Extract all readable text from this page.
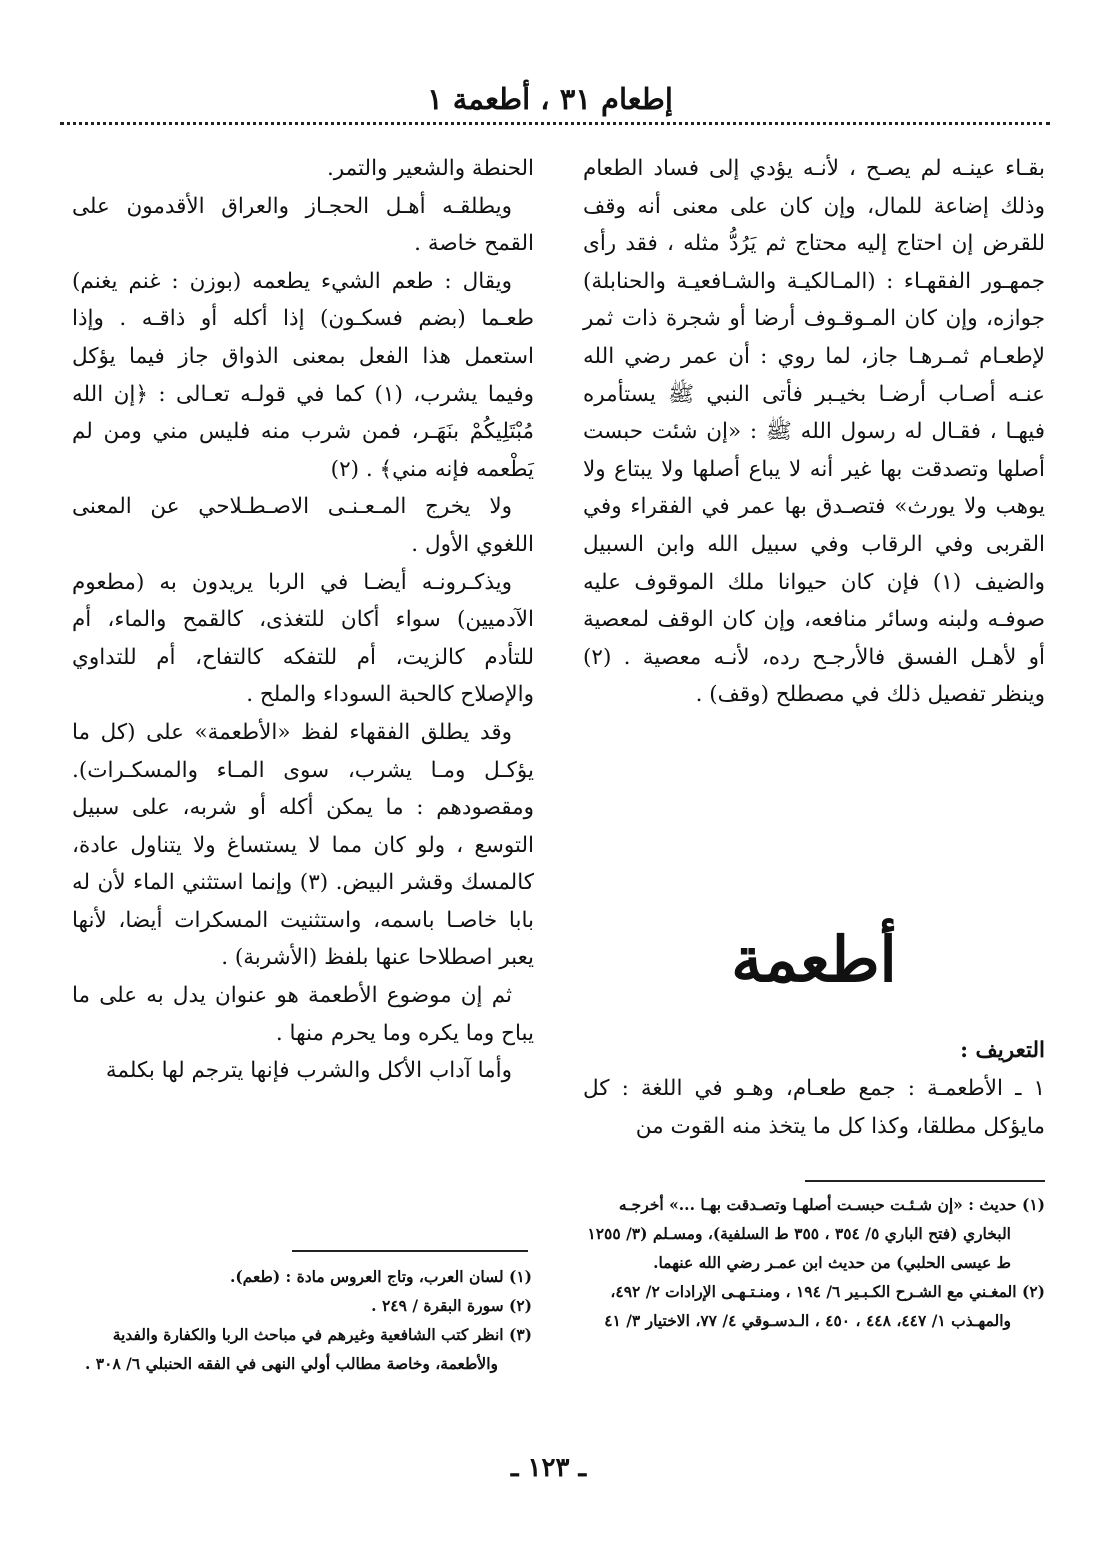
إطعام ٣١ ، أطعمة ١

بقـاء عينـه لم يصـح ، لأنـه يؤدي إلى فساد الطعام وذلك إضاعة للمال، وإن كان على معنى أنه وقف للقرض إن احتاج إليه محتاج ثم يَرُدُّ مثله ، فقد رأى جمهـور الفقهـاء : (المـالكيـة والشـافعيـة والحنابلة) جوازه، وإن كان المـوقـوف أرضا أو شجرة ذات ثمر لإطعـام ثمـرهـا جاز، لما روي : أن عمر رضي الله عنـه أصـاب أرضـا بخيـبر فأتى النبي ﷺ يستأمره فيهـا ، فقـال له رسول الله ﷺ : «إن شئت حبست أصلها وتصدقت بها غير أنه لا يباع أصلها ولا يبتاع ولا يوهب ولا يورث» فتصـدق بها عمر في الفقراء وفي القربى وفي الرقاب وفي سبيل الله وابن السبيل والضيف (١) فإن كان حيوانا ملك الموقوف عليه صوفـه ولبنه وسائر منافعه، وإن كان الوقف لمعصية أو لأهـل الفسق فالأرجـح رده، لأنـه معصية . (٢) وينظر تفصيل ذلك في مصطلح (وقف) .

أطعمة

التعريف :

١ ـ الأطعمـة : جمع طعـام، وهـو في اللغة : كل مايؤكل مطلقا، وكذا كل ما يتخذ منه القوت من

(١) حديث : «إن شـئـت حبسـت أصلهـا وتصـدقت بهـا ...» أخرجـه البخاري (فتح الباري ٥/ ٣٥٤ ، ٣٥٥ ط السلفية)، ومسـلم (٣/ ١٢٥٥ ط عيسى الحلبي) من حديث ابن عمـر رضي الله عنهما.

(٢) المغـني مع الشـرح الكـبـير ٦/ ١٩٤ ، ومنـتـهـى الإرادات ٢/ ٤٩٢، والمهـذب ١/ ٤٤٧، ٤٤٨ ، ٤٥٠ ، الـدسـوقي ٤/ ٧٧، الاختيار ٣/ ٤١

الحنطة والشعير والتمر.

ويطلقـه أهـل الحجـاز والعراق الأقدمون على القمح خاصة .

ويقال : طعم الشيء يطعمه (بوزن : غنم يغنم) طعـما (بضم فسكـون) إذا أكله أو ذاقـه . وإذا استعمل هذا الفعل بمعنى الذواق جاز فيما يؤكل وفيما يشرب، (١) كما في قولـه تعـالى : ﴿إن الله مُبْتَلِيكُمْ بنَهَـر، فمن شرب منه فليس مني ومن لم يَطْعمه فإنه مني﴾ . (٢)

ولا يخرج المـعـنـى الاصـطـلاحي عن المعنى اللغوي الأول .

ويذكـرونـه أيضـا في الربا يريدون به (مطعوم الآدميين) سواء أكان للتغذى، كالقمح والماء، أم للتأدم كالزيت، أم للتفكه كالتفاح، أم للتداوي والإصلاح كالحبة السوداء والملح .

وقد يطلق الفقهاء لفظ «الأطعمة» على (كل ما يؤكـل ومـا يشرب، سوى المـاء والمسكـرات). ومقصودهم : ما يمكن أكله أو شربه، على سبيل التوسع ، ولو كان مما لا يستساغ ولا يتناول عادة، كالمسك وقشر البيض. (٣) وإنما استثني الماء لأن له بابا خاصـا باسمه، واستثنيت المسكرات أيضا، لأنها يعبر اصطلاحا عنها بلفظ (الأشربة) .

ثم إن موضوع الأطعمة هو عنوان يدل به على ما يباح وما يكره وما يحرم منها .

وأما آداب الأكل والشرب فإنها يترجم لها بكلمة

(١) لسان العرب، وتاج العروس مادة : (طعم).

(٢) سورة البقرة / ٢٤٩ .

(٣) انظر كتب الشافعية وغيرهم في مباحث الربا والكفارة والفدية والأطعمة، وخاصة مطالب أولي النهى في الفقه الحنبلي ٦/ ٣٠٨ .

ـ ١٢٣ ـ
